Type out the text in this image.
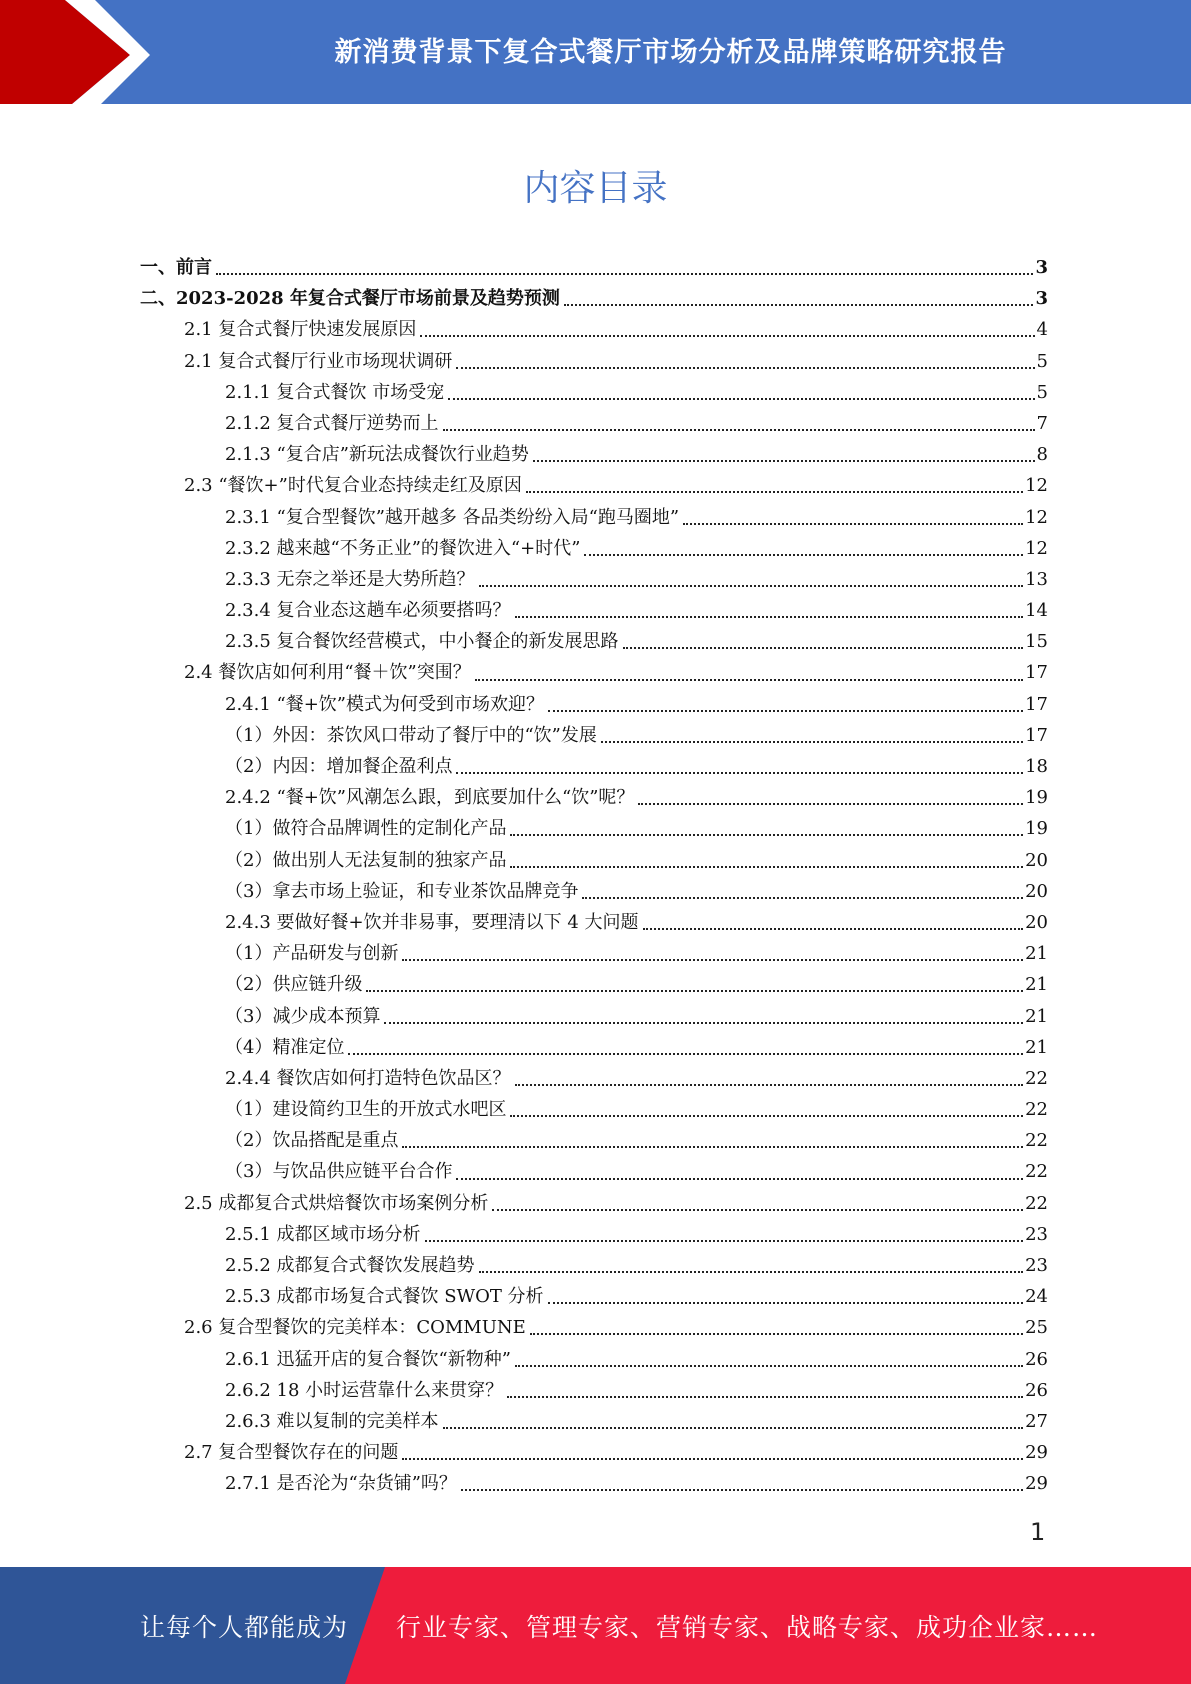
新消费背景下复合式餐厅市场分析及品牌策略研究报告
内容目录
一、前言	3
二、2023-2028 年复合式餐厅市场前景及趋势预测	3
2.1 复合式餐厅快速发展原因	4
2.1 复合式餐厅行业市场现状调研	5
2.1.1 复合式餐饮 市场受宠	5
2.1.2 复合式餐厅逆势而上	7
2.1.3 “复合店”新玩法成餐饮行业趋势	8
2.3 “餐饮+”时代复合业态持续走红及原因	12
2.3.1 “复合型餐饮”越开越多 各品类纷纷入局“跑马圈地”	12
2.3.2 越来越“不务正业”的餐饮进入“+时代”	12
2.3.3 无奈之举还是大势所趋？	13
2.3.4 复合业态这趟车必须要搭吗？	14
2.3.5 复合餐饮经营模式，中小餐企的新发展思路	15
2.4 餐饮店如何利用“餐＋饮”突围？	17
2.4.1 “餐+饮”模式为何受到市场欢迎？	17
（1）外因：茶饮风口带动了餐厅中的“饮”发展	17
（2）内因：增加餐企盈利点	18
2.4.2 “餐+饮”风潮怎么跟，到底要加什么“饮”呢？	19
（1）做符合品牌调性的定制化产品	19
（2）做出别人无法复制的独家产品	20
（3）拿去市场上验证，和专业茶饮品牌竞争	20
2.4.3 要做好餐+饮并非易事，要理清以下 4 大问题	20
（1）产品研发与创新	21
（2）供应链升级	21
（3）减少成本预算	21
（4）精准定位	21
2.4.4 餐饮店如何打造特色饮品区？	22
（1）建设简约卫生的开放式水吧区	22
（2）饮品搭配是重点	22
（3）与饮品供应链平台合作	22
2.5 成都复合式烘焙餐饮市场案例分析	22
2.5.1 成都区域市场分析	23
2.5.2 成都复合式餐饮发展趋势	23
2.5.3 成都市场复合式餐饮 SWOT 分析	24
2.6 复合型餐饮的完美样本：COMMUNE	25
2.6.1 迅猛开店的复合餐饮“新物种”	26
2.6.2 18 小时运营靠什么来贯穿？	26
2.6.3 难以复制的完美样本	27
2.7 复合型餐饮存在的问题	29
2.7.1 是否沦为“杂货铺”吗？	29
1
让每个人都能成为 行业专家、管理专家、营销专家、战略专家、成功企业家……
